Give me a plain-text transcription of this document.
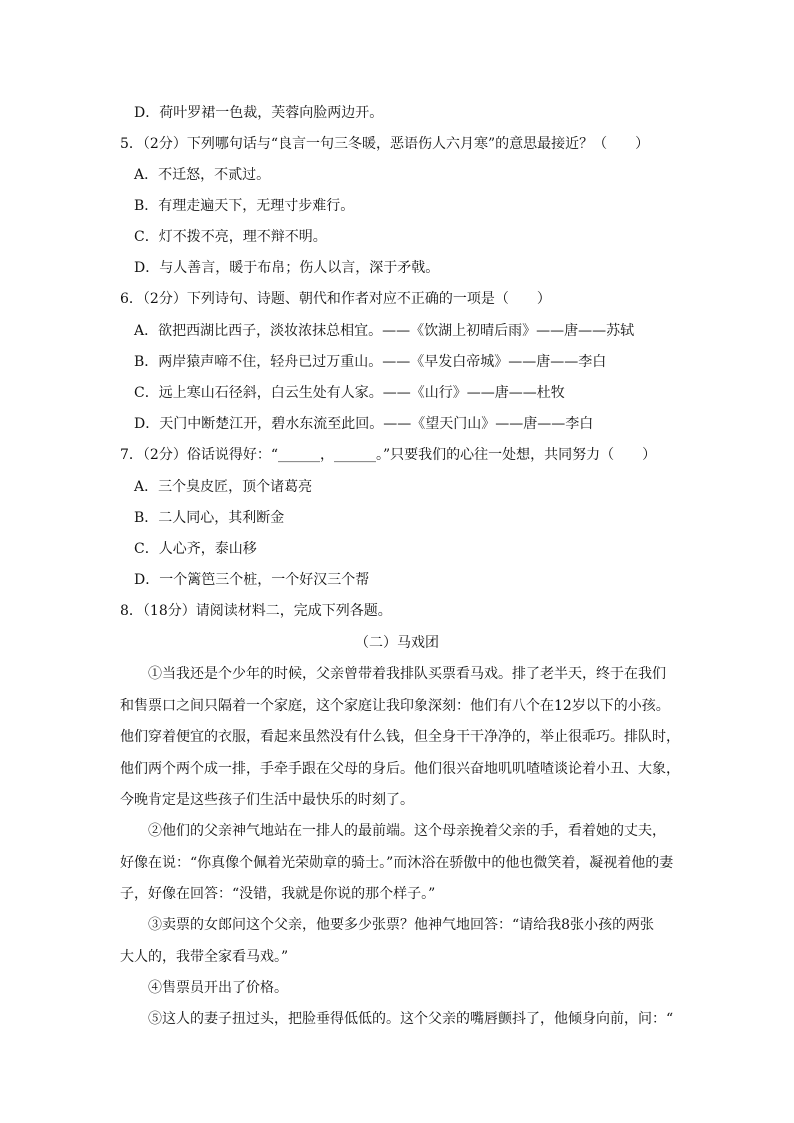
D．荷叶罗裙一色裁，芙蓉向脸两边开。
5．（2分）下列哪句话与“良言一句三冬暖，恶语伤人六月寒”的意思最接近？（　　）
A．不迁怒，不贰过。
B．有理走遍天下，无理寸步难行。
C．灯不拨不亮，理不辩不明。
D．与人善言，暖于布帛；伤人以言，深于矛戟。
6．（2分）下列诗句、诗题、朝代和作者对应不正确的一项是（　　）
A．欲把西湖比西子，淡妆浓抹总相宜。——《饮湖上初晴后雨》——唐——苏轼
B．两岸猿声啼不住，轻舟已过万重山。——《早发白帝城》——唐——李白
C．远上寒山石径斜，白云生处有人家。——《山行》——唐——杜牧
D．天门中断楚江开，碧水东流至此回。——《望天门山》——唐——李白
7．（2分）俗话说得好：“______，______。”只要我们的心往一处想，共同努力（　　）
A．三个臭皮匠，顶个诸葛亮
B．二人同心，其利断金
C．人心齐，泰山移
D．一个篱笆三个桩，一个好汉三个帮
8．（18分）请阅读材料二，完成下列各题。
（二）马戏团
①当我还是个少年的时候，父亲曾带着我排队买票看马戏。排了老半天，终于在我们
和售票口之间只隔着一个家庭，这个家庭让我印象深刻：他们有八个在12岁以下的小孩。
他们穿着便宜的衣服，看起来虽然没有什么钱，但全身干干净净的，举止很乖巧。排队时，
他们两个两个成一排，手牵手跟在父母的身后。他们很兴奋地叽叽喳喳谈论着小丑、大象，
今晚肯定是这些孩子们生活中最快乐的时刻了。
②他们的父亲神气地站在一排人的最前端。这个母亲挽着父亲的手，看着她的丈夫，
好像在说：“你真像个佩着光荣勋章的骑士。”而沐浴在骄傲中的他也微笑着，凝视着他的妻
子，好像在回答：“没错，我就是你说的那个样子。”
③卖票的女郎问这个父亲，他要多少张票？他神气地回答：“请给我8张小孩的两张
大人的，我带全家看马戏。”
④售票员开出了价格。
⑤这人的妻子扭过头，把脸垂得低低的。这个父亲的嘴唇颤抖了，他倾身向前，问：“
